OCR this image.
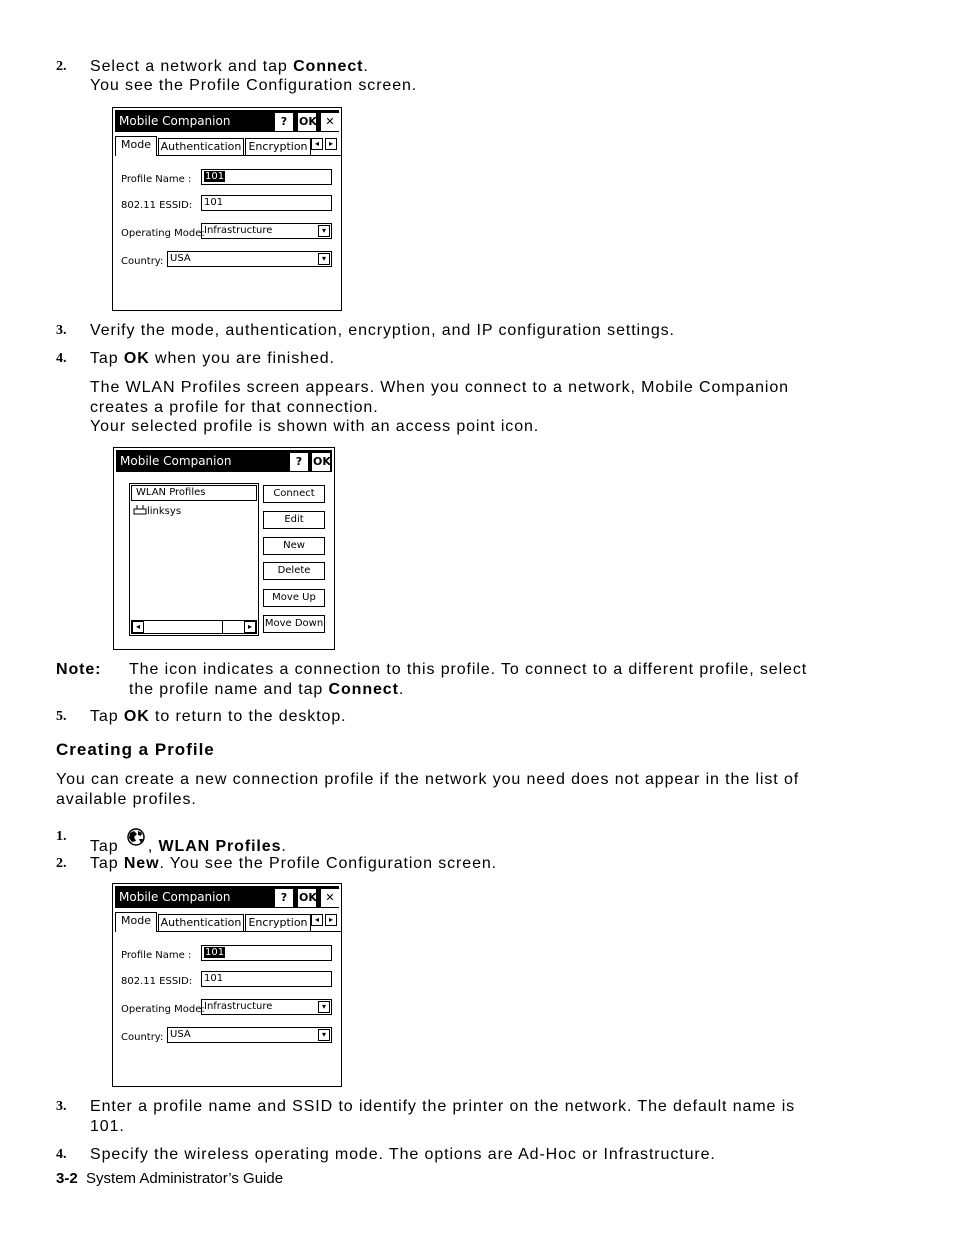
2. Select a network and tap Connect.
You see the Profile Configuration screen.
Mobile Companion	?	OK ✕
Mode Authentication Encryption ◂	▸
Profile Name :	101
802.11 ESSID:	101
Operating Mode: Infrastructure	▾
Country: USA	▾
3. Verify the mode, authentication, encryption, and IP configuration settings.
4. Tap OK when you are finished.
The WLAN Profiles screen appears. When you connect to a network, Mobile Companion
creates a profile for that connection.
Your selected profile is shown with an access point icon.
Mobile Companion	? OK
WLAN Profiles
linksys
◂	▸
Connect
Edit
New
Delete
Move Up
Move Down
Note: The icon indicates a connection to this profile. To connect to a different profile, select
the profile name and tap Connect.
5. Tap OK to return to the desktop.
Creating a Profile
You can create a new connection profile if the network you need does not appear in the list of
available profiles.
1.
Tap , WLAN Profiles.
2. Tap New. You see the Profile Configuration screen.
Mobile Companion	?	OK ✕
Mode Authentication Encryption ◂	▸
Profile Name :	101
802.11 ESSID:	101
Operating Mode: Infrastructure	▾
Country: USA	▾
3. Enter a profile name and SSID to identify the printer on the network. The default name is
101.
4. Specify the wireless operating mode. The options are Ad-Hoc or Infrastructure.
3-2 System Administrator’s Guide
